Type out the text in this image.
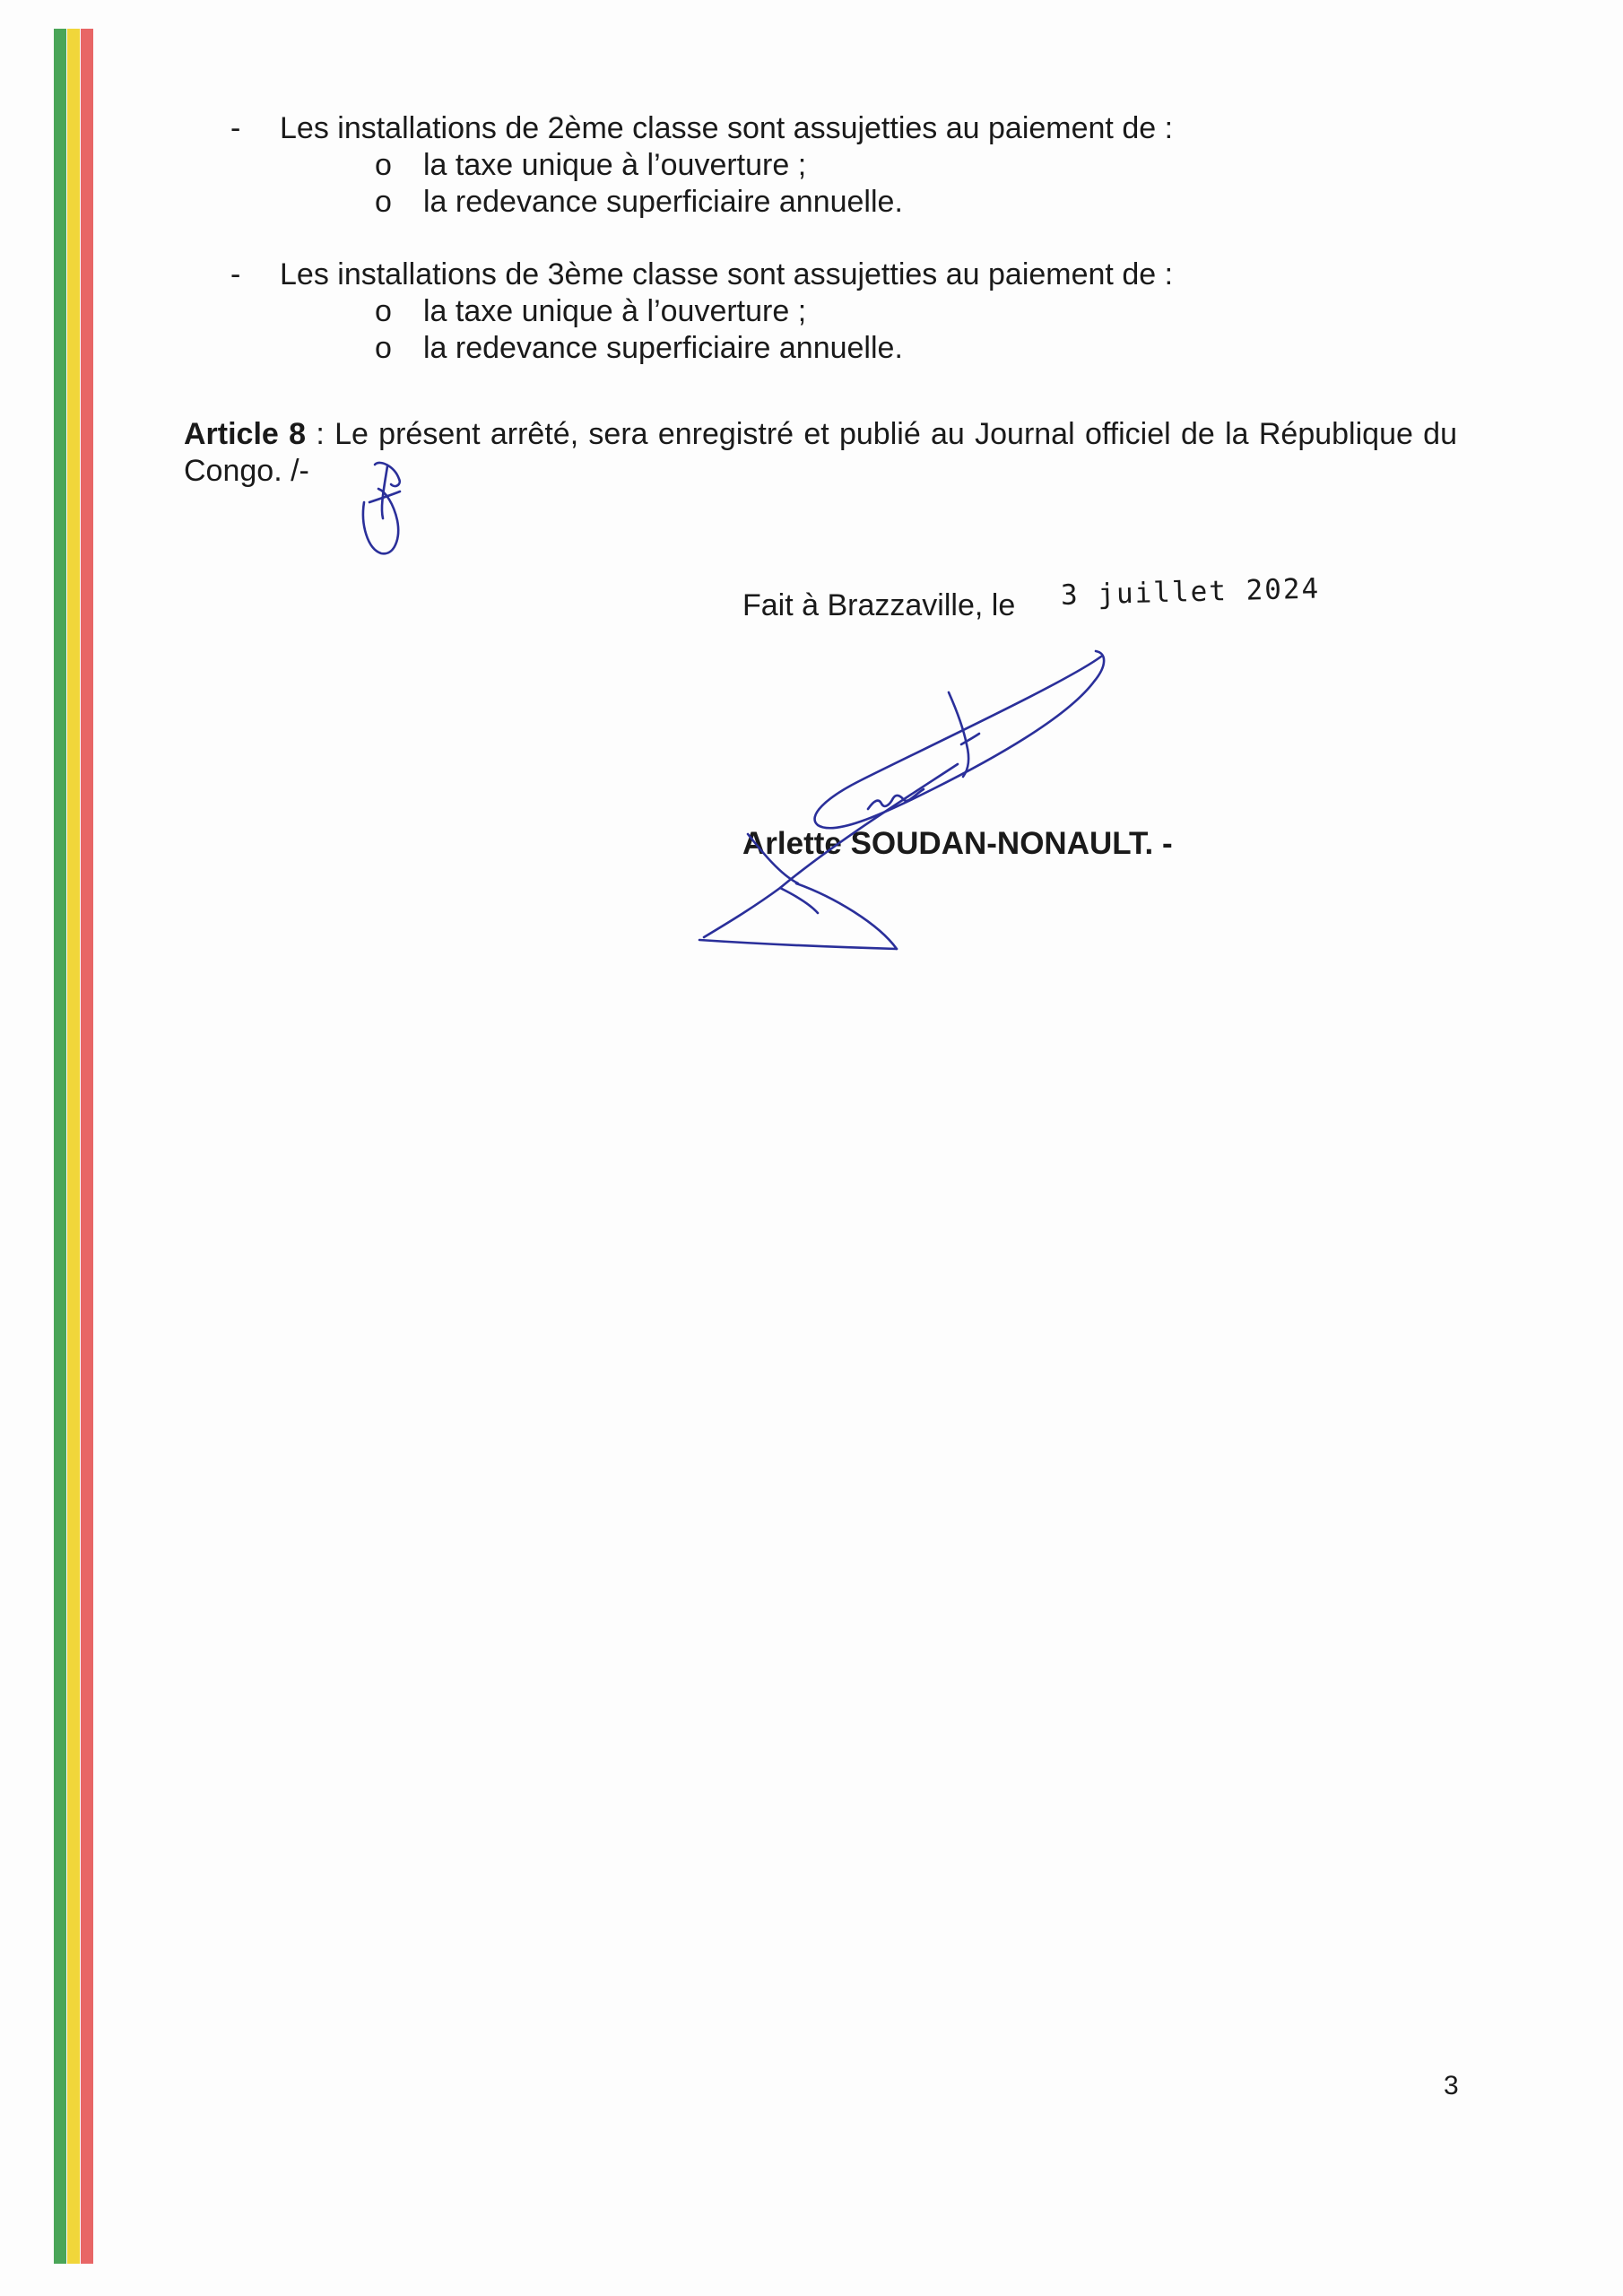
- Les installations de 2ème classe sont assujetties au paiement de :
o la taxe unique à l’ouverture ;
o la redevance superficiaire annuelle.
- Les installations de 3ème classe sont assujetties au paiement de :
o la taxe unique à l’ouverture ;
o la redevance superficiaire annuelle.
Article 8 : Le présent arrêté, sera enregistré et publié au Journal officiel de la République du Congo. /-
Fait à Brazzaville, le 3 juillet 2024
Arlette SOUDAN-NONAULT. -
3
